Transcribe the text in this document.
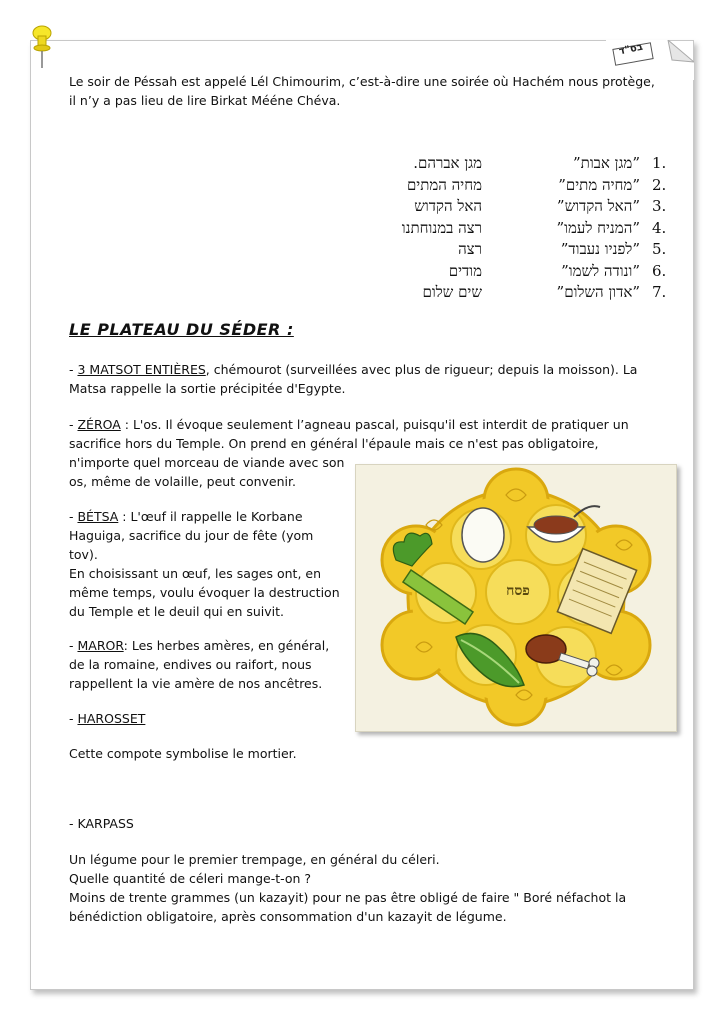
בס"ד

Le soir de Péssah est appelé Lél Chimourim, c’est-à-dire une soirée où Hachém nous protège,

il n’y a pas lieu de lire Birkat Mééne Chéva.

1.
”מגן אבות”
מגן אברהם.
2.
”מחיה מתים”
מחיה המתים
3.
”האל הקדוש”
האל הקדוש
4.
”המניח לעמו”
רצה במנוחתנו
5.
”לפניו נעבוד”
רצה
6.
”ונודה לשמו”
מודים
7.
”אדון השלום”
שים שלום
LE PLATEAU DU SÉDER :

- 3 MATSOT ENTIÈRES, chémourot (surveillées avec plus de rigueur; depuis la moisson). La

Matsa rappelle la sortie précipitée d'Egypte.

- ZÉROA : L'os. Il évoque seulement l’agneau pascal, puisqu'il est interdit de pratiquer un

sacrifice hors du Temple. On prend en général l'épaule mais ce n'est pas obligatoire,

n'importe quel morceau de viande avec son

os, même de volaille, peut convenir.

- BÉTSA : L'œuf il rappelle le Korbane

Haguiga, sacrifice du jour de fête (yom

tov).

En choisissant un œuf, les sages ont, en

même temps, voulu évoquer la destruction

du Temple et le deuil qui en suivit.

- MAROR: Les herbes amères, en général,

de la romaine, endives ou raifort, nous

rappellent la vie amère de nos ancêtres.

- HAROSSET

Cette compote symbolise le mortier.

- KARPASS

Un légume pour le premier trempage, en général du céleri.

Quelle quantité de céleri mange-t-on ?

Moins de trente grammes (un kazayit) pour ne pas être obligé de faire " Boré néfachot la

bénédiction obligatoire, après consommation d'un kazayit de légume.

פסח
